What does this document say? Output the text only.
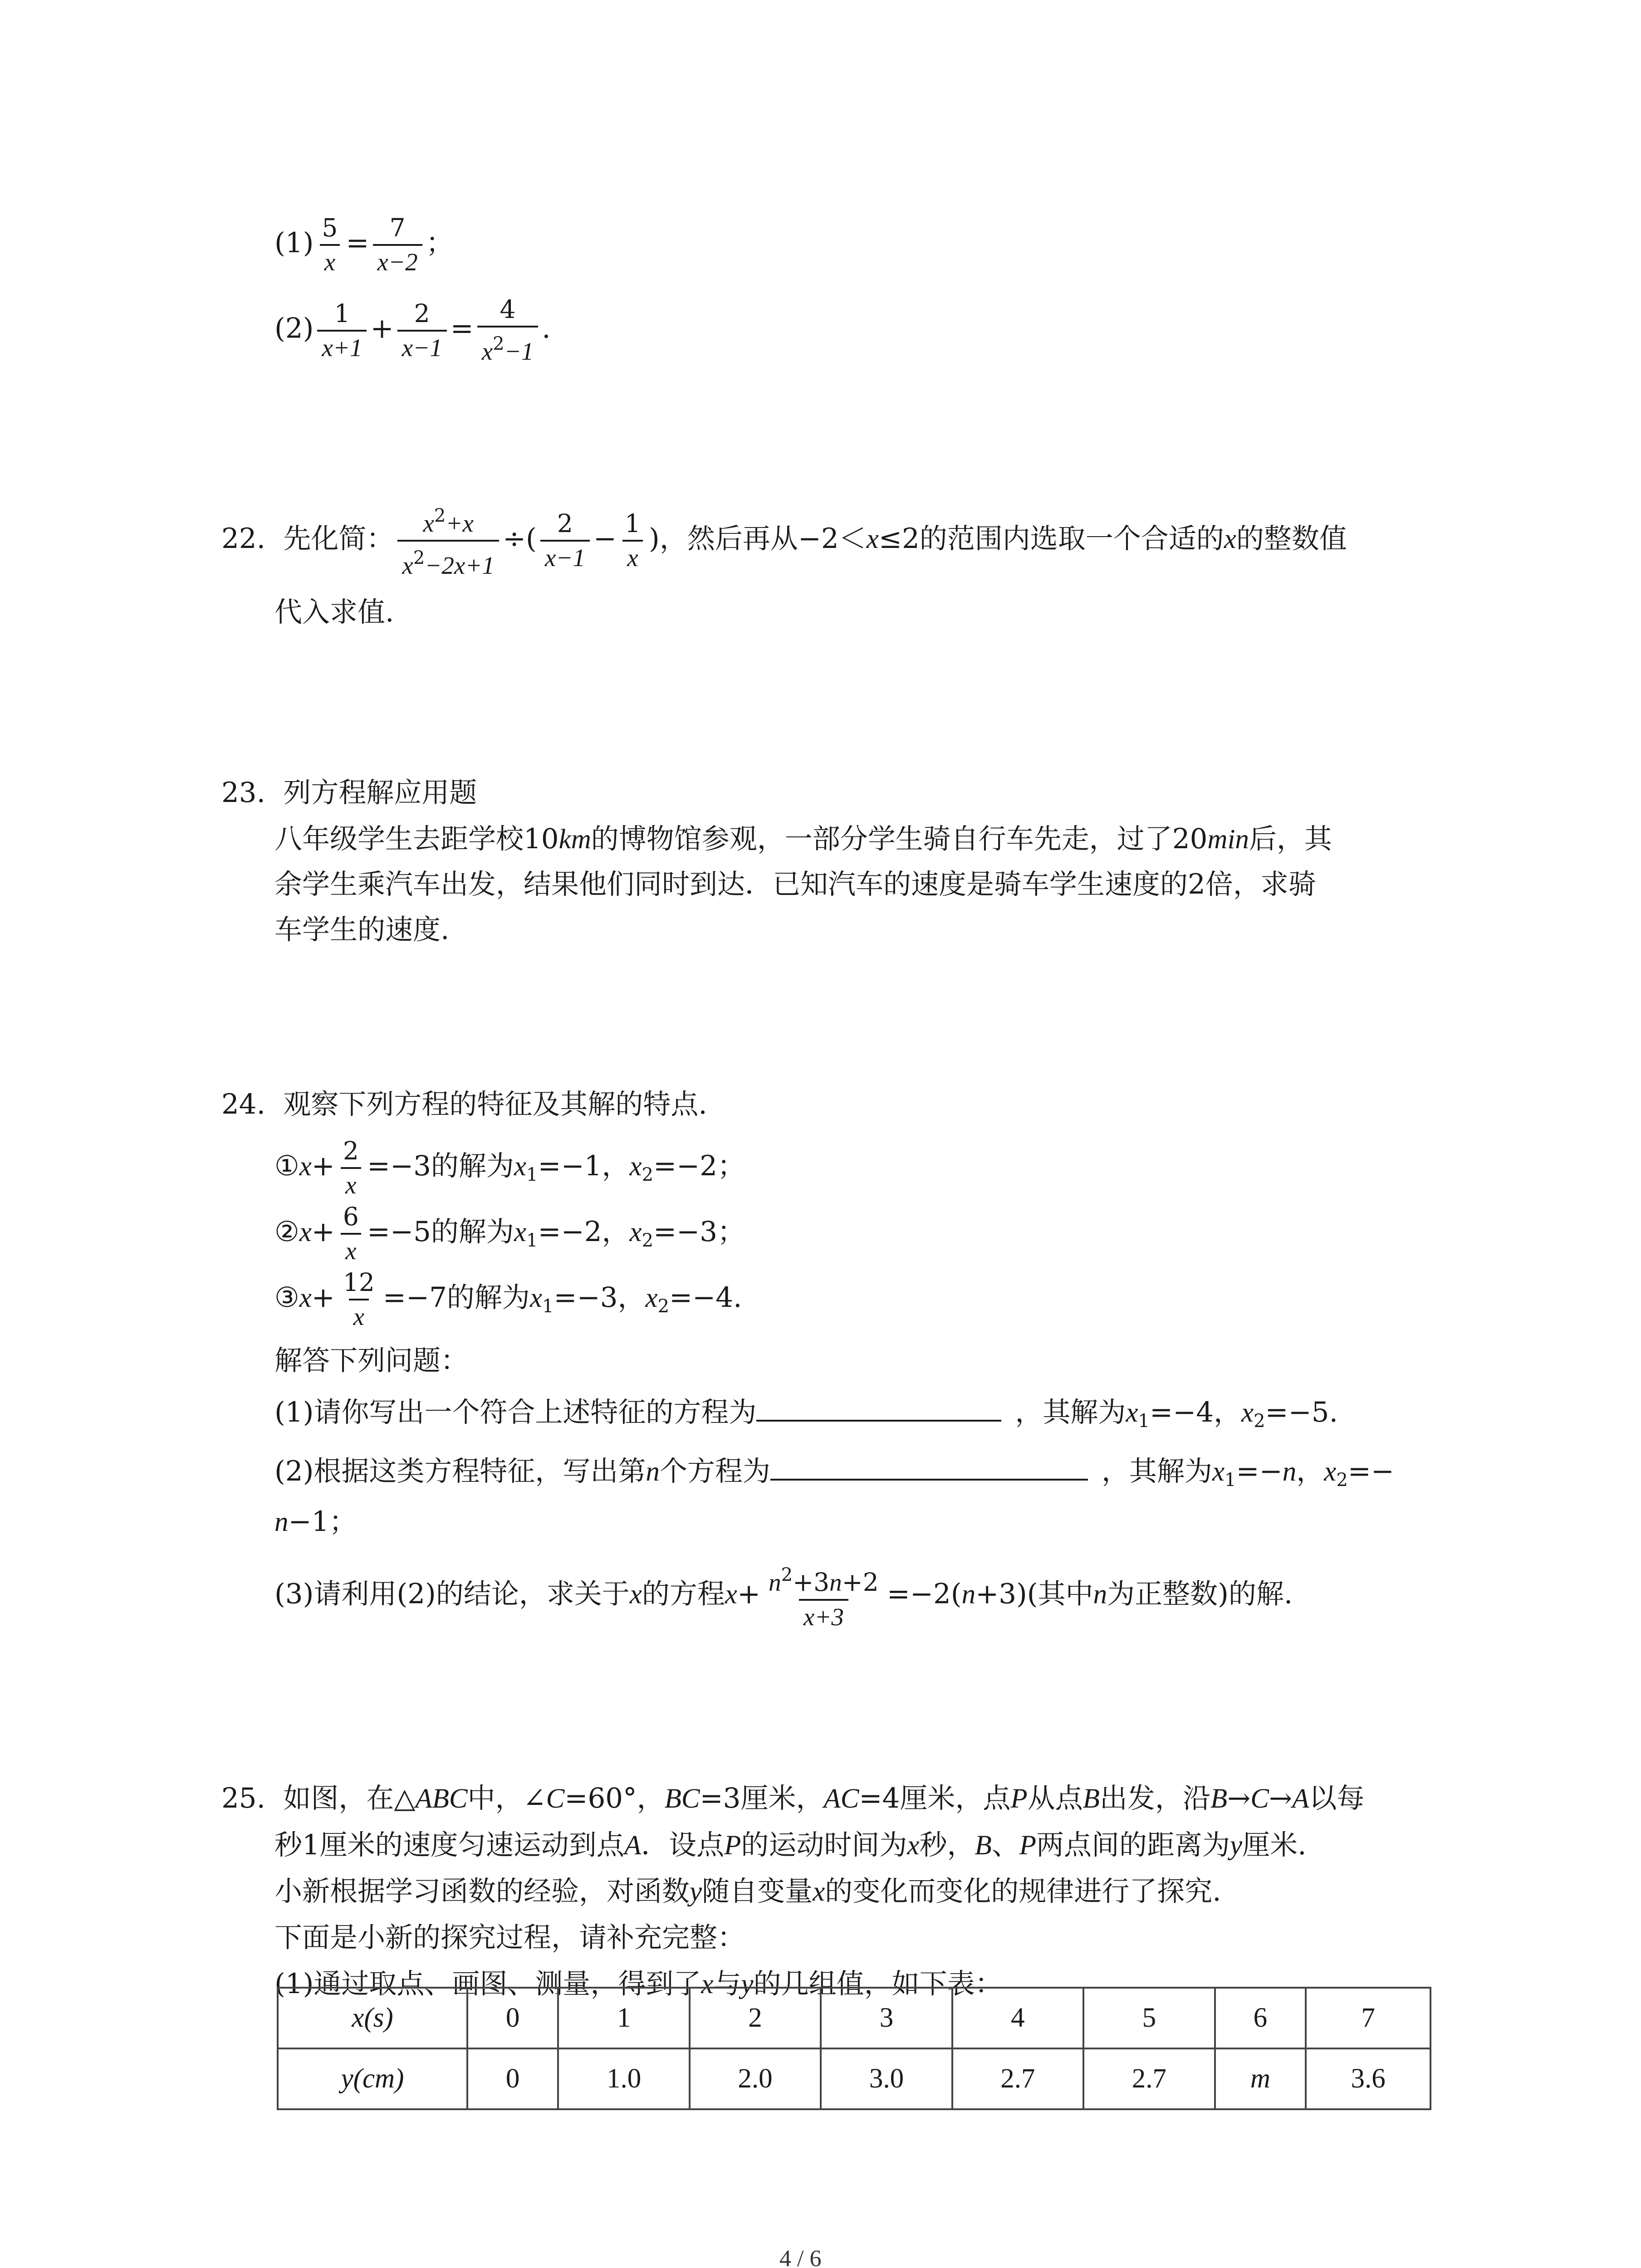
$(1) \frac{5}{x} = \frac{7}{x-2}$ ；
$(2) \frac{1}{x+1} + \frac{2}{x-1} = \frac{4}{x^2-1}$ .
22. 先化简： $\frac{x^2+x}{x^2-2x+1}$ ÷( $\frac{2}{x-1} - \frac{1}{x}$ )，然后再从−2＜x≤2的范围内选取一个合适的x的整数值
代入求值.
23. 列方程解应用题
八年级学生去距学校10km的博物馆参观，一部分学生骑自行车先走，过了20min后，其
余学生乘汽车出发，结果他们同时到达．已知汽车的速度是骑车学生速度的2倍，求骑
车学生的速度.
24. 观察下列方程的特征及其解的特点.
①x+ $\frac{2}{x} =-3$的解为$x_1=-1$，$x_2=-2$；
②x+ $\frac{6}{x} =-5$的解为$x_1=-2$，$x_2=-3$；
③x+ $\frac{12}{x} =-7$的解为$x_1=-3$，$x_2=-4$.
解答下列问题：
(1)请你写出一个符合上述特征的方程为	，其解为$x_1=-4$，$x_2=-5$.
(2)根据这类方程特征，写出第n个方程为	，其解为$x_1=-n$，$x_2=-$
n−1；
(3)请利用(2)的结论，求关于x的方程$x+ \frac{n^2+3n+2}{x+3} =-2(n+3)$(其中n为正整数)的解.
25. 如图，在△ABC中，∠C=60°，BC=3厘米，AC=4厘米，点P从点B出发，沿B→C→A以每
秒1厘米的速度匀速运动到点A．设点P的运动时间为x秒，B、P两点间的距离为y厘米.
小新根据学习函数的经验，对函数y随自变量x的变化而变化的规律进行了探究.
下面是小新的探究过程，请补充完整：
(1)通过取点、画图、测量，得到了x与y的几组值，如下表：
x(s)	0	1	2	3	4	5	6	7
y(cm)	0	1.0	2.0	3.0	2.7	2.7	m	3.6
4 / 6
